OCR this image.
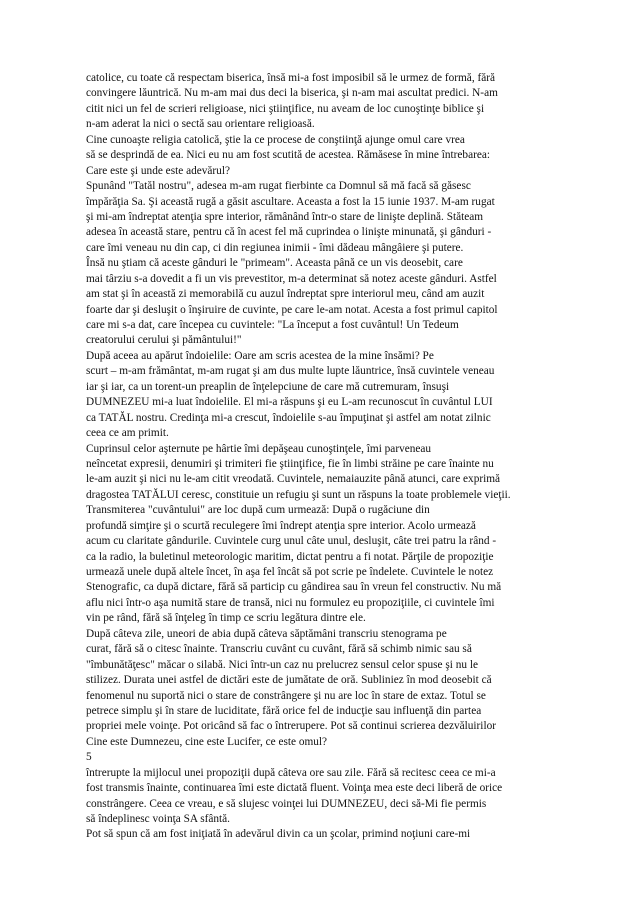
catolice, cu toate că respectam biserica, însă mi-a fost imposibil să le urmez de formă, fără
convingere lăuntrică. Nu m-am mai dus deci la biserica, şi n-am mai ascultat predici. N-am
citit nici un fel de scrieri religioase, nici ştiinţifice, nu aveam de loc cunoştinţe biblice şi
n-am aderat la nici o sectă sau orientare religioasă.
Cine cunoaşte religia catolică, ştie la ce procese de conştiinţă ajunge omul care vrea
să se desprindă de ea. Nici eu nu am fost scutită de acestea. Rămăsese în mine întrebarea:
Care este şi unde este adevărul?
Spunând "Tatăl nostru", adesea m-am rugat fierbinte ca Domnul să mă facă să găsesc
împărăţia Sa. Şi această rugă a găsit ascultare. Aceasta a fost la 15 iunie 1937. M-am rugat
şi mi-am îndreptat atenţia spre interior, rămânând într-o stare de linişte deplină. Stăteam
adesea în această stare, pentru că în acest fel mă cuprindea o linişte minunată, şi gânduri -
care îmi veneau nu din cap, ci din regiunea inimii - îmi dădeau mângâiere şi putere.
Însă nu ştiam că aceste gânduri le "primeam". Aceasta până ce un vis deosebit, care
mai târziu s-a dovedit a fi un vis prevestitor, m-a determinat să notez aceste gânduri. Astfel
am stat şi în această zi memorabilă cu auzul îndreptat spre interiorul meu, când am auzit
foarte dar şi desluşit o înşiruire de cuvinte, pe care le-am notat. Acesta a fost primul capitol
care mi s-a dat, care începea cu cuvintele: "La început a fost cuvântul! Un Tedeum
creatorului cerului şi pământului!"
După aceea au apărut îndoielile: Oare am scris acestea de la mine însămi? Pe
scurt – m-am frământat, m-am rugat şi am dus multe lupte lăuntrice, însă cuvintele veneau
iar şi iar, ca un torent-un preaplin de înţelepciune de care mă cutremuram, însuşi
DUMNEZEU mi-a luat îndoielile. El mi-a răspuns şi eu L-am recunoscut în cuvântul LUI
ca TATĂL nostru. Credinţa mi-a crescut, îndoielile s-au împuţinat şi astfel am notat zilnic
ceea ce am primit.
Cuprinsul celor aşternute pe hârtie îmi depăşeau cunoştinţele, îmi parveneau
neîncetat expresii, denumiri şi trimiteri fie ştiinţifice, fie în limbi străine pe care înainte nu
le-am auzit şi nici nu le-am citit vreodată. Cuvintele, nemaiauzite până atunci, care exprimă
dragostea TATĂLUI ceresc, constituie un refugiu şi sunt un răspuns la toate problemele vieţii.
Transmiterea "cuvântului" are loc după cum urmează: După o rugăciune din
profundă simţire şi o scurtă reculegere îmi îndrept atenţia spre interior. Acolo urmează
acum cu claritate gândurile. Cuvintele curg unul câte unul, desluşit, câte trei patru la rând -
ca la radio, la buletinul meteorologic maritim, dictat pentru a fi notat. Părţile de propoziţie
urmează unele după altele încet, în aşa fel încât să pot scrie pe îndelete. Cuvintele le notez
Stenografic, ca după dictare, fără să particip cu gândirea sau în vreun fel constructiv. Nu mă
aflu nici într-o aşa numită stare de transă, nici nu formulez eu propoziţiile, ci cuvintele îmi
vin pe rând, fără să înţeleg în timp ce scriu legătura dintre ele.
După câteva zile, uneori de abia după câteva săptămâni transcriu stenograma pe
curat, fără să o citesc înainte. Transcriu cuvânt cu cuvânt, fără să schimb nimic sau să
"îmbunătăţesc" măcar o silabă. Nici într-un caz nu prelucrez sensul celor spuse şi nu le
stilizez. Durata unei astfel de dictări este de jumătate de oră. Subliniez în mod deosebit că
fenomenul nu suportă nici o stare de constrângere şi nu are loc în stare de extaz. Totul se
petrece simplu şi în stare de luciditate, fără orice fel de inducţie sau influenţă din partea
propriei mele voinţe. Pot oricând să fac o întrerupere. Pot să continui scrierea dezvăluirilor
Cine este Dumnezeu, cine este Lucifer, ce este omul?
5
întrerupte la mijlocul unei propoziţii după câteva ore sau zile. Fără să recitesc ceea ce mi-a
fost transmis înainte, continuarea îmi este dictată fluent. Voinţa mea este deci liberă de orice
constrângere. Ceea ce vreau, e să slujesc voinţei lui DUMNEZEU, deci să-Mi fie permis
să îndeplinesc voinţa SA sfântă.
Pot să spun că am fost iniţiată în adevărul divin ca un şcolar, primind noţiuni care-mi
